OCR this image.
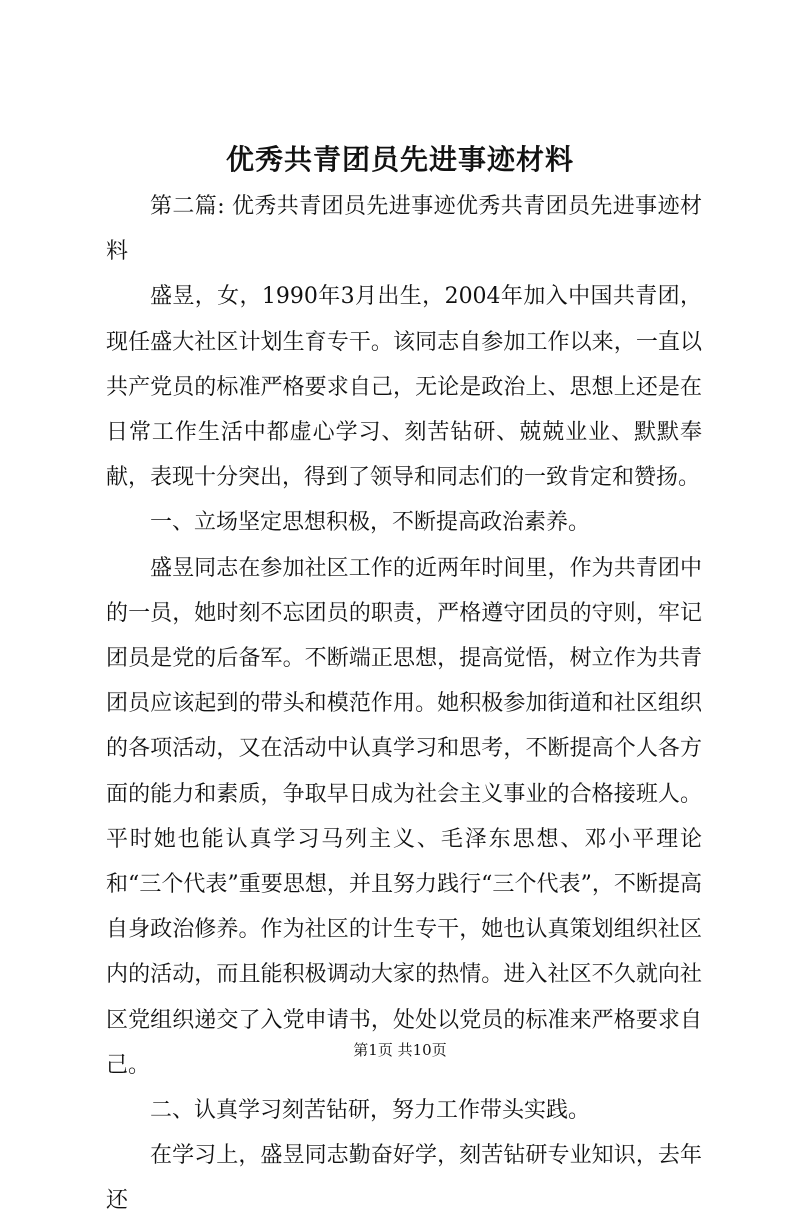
优秀共青团员先进事迹材料

第二篇: 优秀共青团员先进事迹优秀共青团员先进事迹材料

盛昱，女，1990年3月出生，2004年加入中国共青团，现任盛大社区计划生育专干。该同志自参加工作以来，一直以共产党员的标准严格要求自己，无论是政治上、思想上还是在日常工作生活中都虚心学习、刻苦钻研、兢兢业业、默默奉献，表现十分突出，得到了领导和同志们的一致肯定和赞扬。

一、立场坚定思想积极，不断提高政治素养。

盛昱同志在参加社区工作的近两年时间里，作为共青团中的一员，她时刻不忘团员的职责，严格遵守团员的守则，牢记团员是党的后备军。不断端正思想，提高觉悟，树立作为共青团员应该起到的带头和模范作用。她积极参加街道和社区组织的各项活动，又在活动中认真学习和思考，不断提高个人各方面的能力和素质，争取早日成为社会主义事业的合格接班人。平时她也能认真学习马列主义、毛泽东思想、邓小平理论和“三个代表”重要思想，并且努力践行“三个代表”，不断提高自身政治修养。作为社区的计生专干，她也认真策划组织社区内的活动，而且能积极调动大家的热情。进入社区不久就向社区党组织递交了入党申请书，处处以党员的标准来严格要求自己。

二、认真学习刻苦钻研，努力工作带头实践。

在学习上，盛昱同志勤奋好学，刻苦钻研专业知识，去年还

第1页 共10页
